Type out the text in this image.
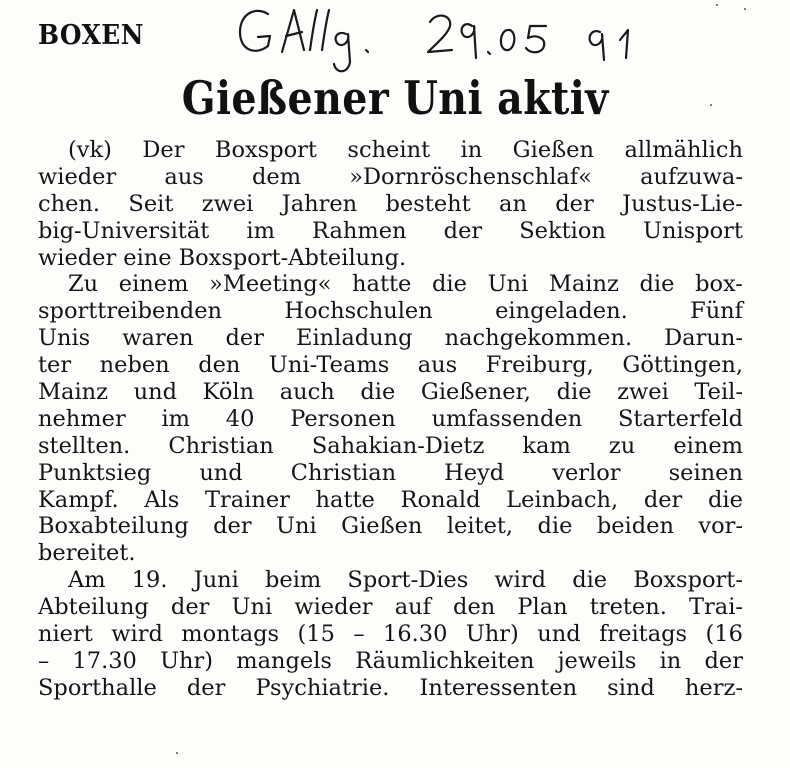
BOXEN
Gießener Uni aktiv
(vk) Der Boxsport scheint in Gießen allmählich
wieder aus dem »Dornröschenschlaf« aufzuwa-
chen. Seit zwei Jahren besteht an der Justus-Lie-
big-Universität im Rahmen der Sektion Unisport
wieder eine Boxsport-Abteilung.
Zu einem »Meeting« hatte die Uni Mainz die box-
sporttreibenden	Hochschulen	eingeladen.	Fünf
Unis waren der Einladung nachgekommen. Darun-
ter neben den Uni-Teams aus Freiburg, Göttingen,
Mainz und Köln auch die Gießener, die zwei Teil-
nehmer im 40 Personen umfassenden Starterfeld
stellten. Christian Sahakian-Dietz kam zu einem
Punktsieg und Christian Heyd verlor seinen
Kampf. Als Trainer hatte Ronald Leinbach, der die
Boxabteilung der Uni Gießen leitet, die beiden vor-
bereitet.
Am 19. Juni beim Sport-Dies wird die Boxsport-
Abteilung der Uni wieder auf den Plan treten. Trai-
niert wird montags (15 – 16.30 Uhr) und freitags (16
– 17.30 Uhr) mangels Räumlichkeiten jeweils in der
Sporthalle der Psychiatrie. Interessenten sind herz-
